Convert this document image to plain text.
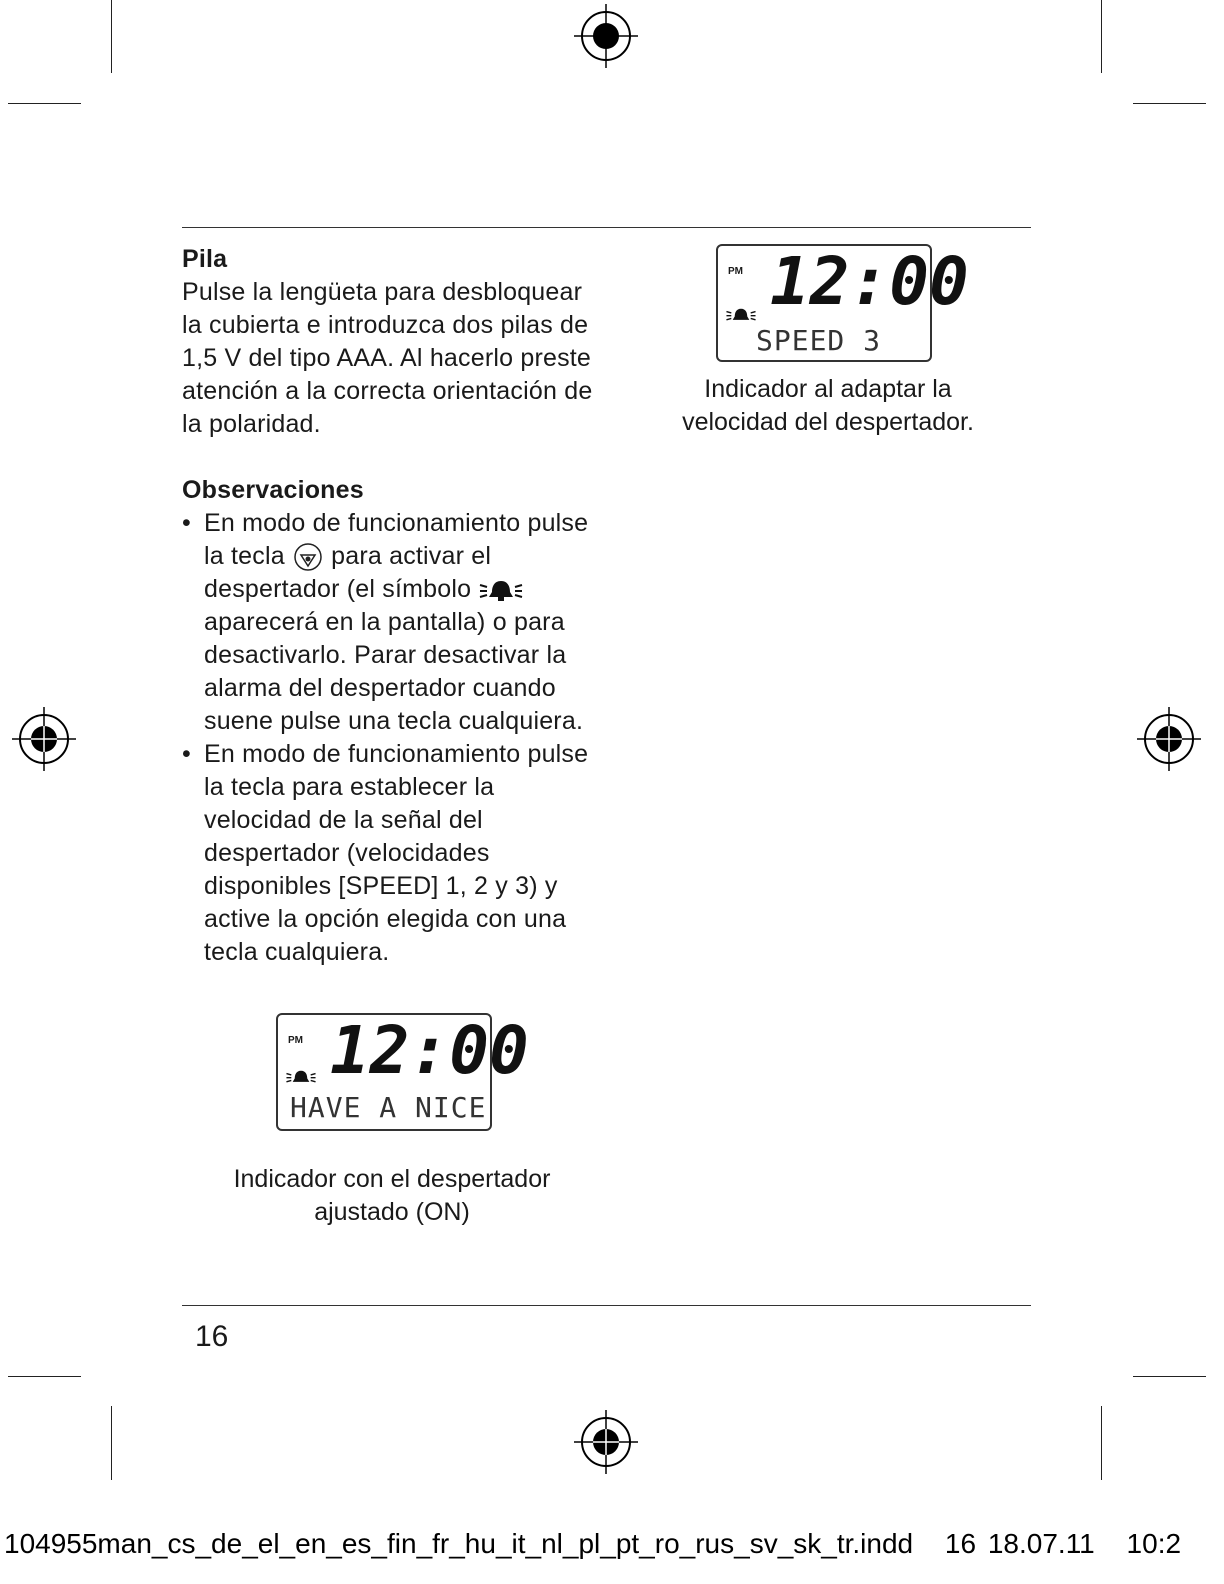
Pila

Pulse la lengüeta para desbloquear la cubierta e introduzca dos pilas de 1,5 V del tipo AAA. Al hacerlo preste atención a la correcta orientación de la polaridad.

Observaciones
• En modo de funcionamiento pulse la tecla para activar el despertador (el símbolo  aparecerá en la pantalla) o para desactivarlo. Parar desactivar la alarma del despertador cuando suene pulse una tecla cualquiera.
• En modo de funcionamiento pulse la tecla para establecer la velocidad de la señal del despertador (velocidades disponibles [SPEED] 1, 2 y 3) y active la opción elegida con una tecla cualquiera.
PM 12:00
SPEED 3
Indicador al adaptar la velocidad del despertador.
PM 12:00
HAVE A NICE
Indicador con el despertador ajustado (ON)
16
104955man_cs_de_el_en_es_fin_fr_hu_it_nl_pl_pt_ro_rus_sv_sk_tr.indd 16 18.07.11 10:2
